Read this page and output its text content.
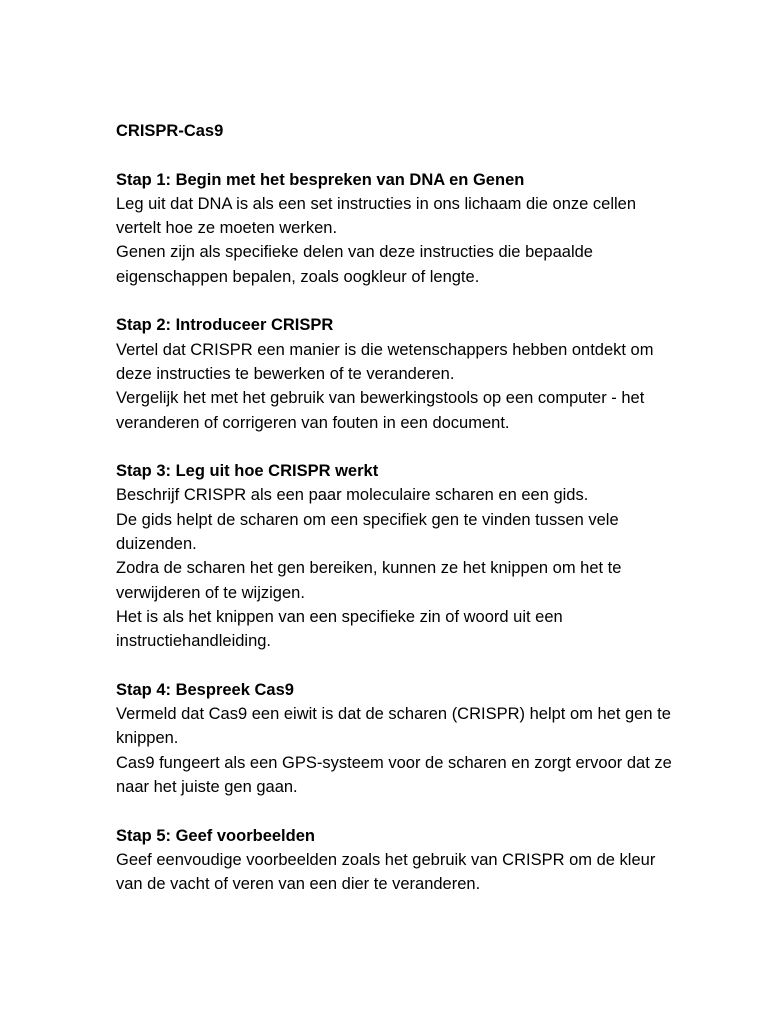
CRISPR-Cas9
Stap 1: Begin met het bespreken van DNA en Genen

Leg uit dat DNA is als een set instructies in ons lichaam die onze cellen vertelt hoe ze moeten werken.

Genen zijn als specifieke delen van deze instructies die bepaalde eigenschappen bepalen, zoals oogkleur of lengte.

Stap 2: Introduceer CRISPR

Vertel dat CRISPR een manier is die wetenschappers hebben ontdekt om deze instructies te bewerken of te veranderen.

Vergelijk het met het gebruik van bewerkingstools op een computer - het veranderen of corrigeren van fouten in een document.

Stap 3: Leg uit hoe CRISPR werkt

Beschrijf CRISPR als een paar moleculaire scharen en een gids.

De gids helpt de scharen om een specifiek gen te vinden tussen vele duizenden.

Zodra de scharen het gen bereiken, kunnen ze het knippen om het te verwijderen of te wijzigen.

Het is als het knippen van een specifieke zin of woord uit een instructiehandleiding.

Stap 4: Bespreek Cas9

Vermeld dat Cas9 een eiwit is dat de scharen (CRISPR) helpt om het gen te knippen.

Cas9 fungeert als een GPS-systeem voor de scharen en zorgt ervoor dat ze naar het juiste gen gaan.

Stap 5: Geef voorbeelden

Geef eenvoudige voorbeelden zoals het gebruik van CRISPR om de kleur van de vacht of veren van een dier te veranderen.
